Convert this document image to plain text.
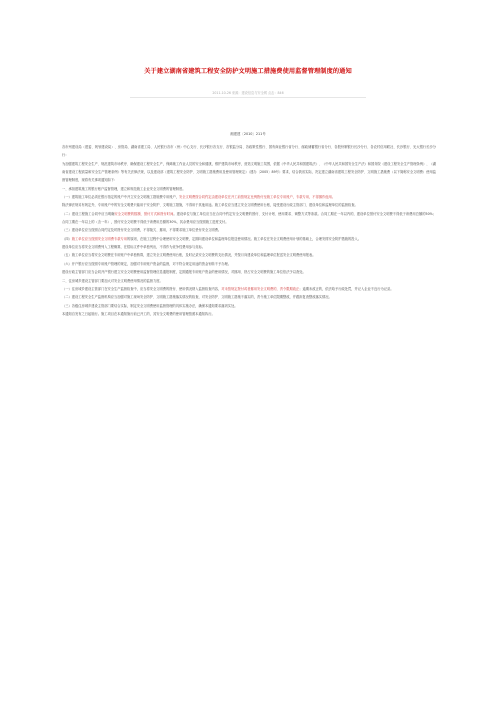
关于建立湖南省建筑工程安全防护文明施工措施费使用监督管理制度的通知
2011-10-26 来源：建设信息与安全网 点击：846
湘建建〔2010〕211号

各市州建设局（建委、规划建设局）、房管局、湖南省建工局、人民银行各市（州）中心支行、长沙银行各支行、各银监分局、各政策性银行、国有商业银行省分行、邮政储蓄银行省分行、各股份制银行长沙分行、各农村信用联社、长沙银行、光大银行长沙分行：

为加强建筑工程安全生产、规范建筑市场秩序、确保建设工程安全生产，保障施工作业人员的安全和健康，维护建筑市场秩序，营造文明施工氛围，依据《中华人民共和国建筑法》、《中华人民共和国安全生产法》和国务院《建设工程安全生产管理条例》、《湖南省建设工程质量和安全生产管理条例》等有关法律法规，以及建设部《建筑工程安全防护、文明施工措施费用及使用管理规定》（建办〔2005〕89号）要求，结合我省实际，决定建立湖南省建筑工程安全防护、文明施工措施费（以下简称安全文明费）使用监督管理制度，现将有关事项通知如下：

一、承担建筑施工的银行账户监督管理，建立和规范施工企业安全文明费的管理制度。

（一）建筑施工单位必须在银行指定的账户中开立安全文明施工措施费专用账户，安全文明费按合同约定由建设单位在开工前按规定比例拨付至施工单位专用账户，专款专用，不得挪作他用。

除法律法规另有规定外，专用账户中的安全文明费只能用于安全防护、文明施工措施，不得用于其他用途。施工单位应当建立安全文明费使用台账，接受建设行政主管部门、建设单位和监理单位的监督检查。

（二）建设工程施工合同中应当明确安全文明费的数额、预付方式和拨付时间。建设单位与施工单位应当在合同中约定安全文明费的预付、支付计划、使用要求、调整方式等条款。合同工期在一年以内的，建设单位预付安全文明费不得低于该费用总额的50%；合同工期在一年以上的（含一年），预付安全文明费不得低于该费用总额的30%，其余费用应当按照施工进度支付。

（三）建设单位应当按照合同约定及时拨付安全文明费，不得拖欠、挪用，不得要求施工单位垫付安全文明费。

（四）施工单位应当按照安全文明费专款专用的原则，在施工过程中合理使用安全文明费，定期向建设单位和监理单位报送使用情况。施工单位在安全文明费使用计划的基础上，合理安排安全防护措施的投入。

建设单位应当将安全文明费列入工程概算，在招标文件中单独列出，不得作为竞争性费用参与竞标。

（五）施工单位应当将安全文明费在专用账户中单独核算，建立安全文明费使用台账，及时记录安全文明费的支出情况，并按月向建设单位和监理单位报送安全文明费使用报表。

（六）开户银行应当按照专用账户管理的规定，加强对专用账户资金的监督，对不符合规定用途的资金划转不予办理。

建设行政主管部门应当会同开户银行建立安全文明费使用监督管理信息通报制度，定期通报专用账户资金的使用情况，对挪用、挤占安全文明费的施工单位依法予以查处。

二、住房城乡建设主管部门要加大对安全文明费使用情况的监督力度。

（一）住房城乡建设主管部门在安全生产监督检查中，应当将安全文明费的拨付、使用情况纳入监督检查内容，对未按规定拨付或者挪用安全文明费的，责令限期改正；逾期未改正的，依法给予行政处罚，并记入企业不良行为记录。

（二）建设工程安全生产监督机构应当加强对施工现场安全防护、文明施工措施落实情况的检查，对安全防护、文明施工措施不落实的，责令施工单位限期整改，并跟踪复查整改落实情况。

（三）各级住房城乡建设主管部门要结合实际，制定安全文明费使用监督管理的具体实施办法，确保本通知要求落到实处。

本通知自发布之日起施行。施工项目在本通知施行前已开工的，其安全文明费的使用管理按照本通知执行。
